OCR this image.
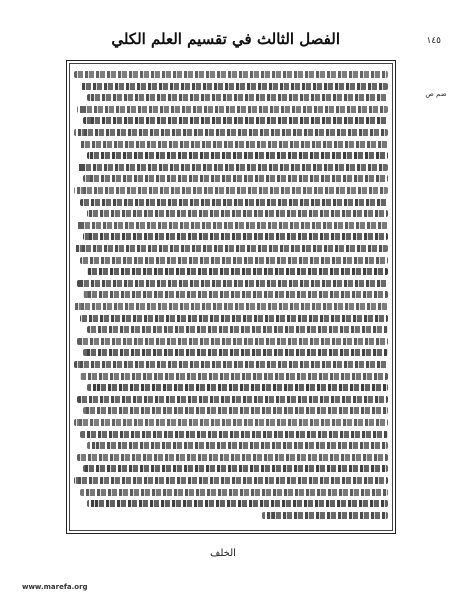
الفصل الثالث في تقسيم العلم الكلي	١٤٥
ضم ص
الخلف
www.marefa.org
